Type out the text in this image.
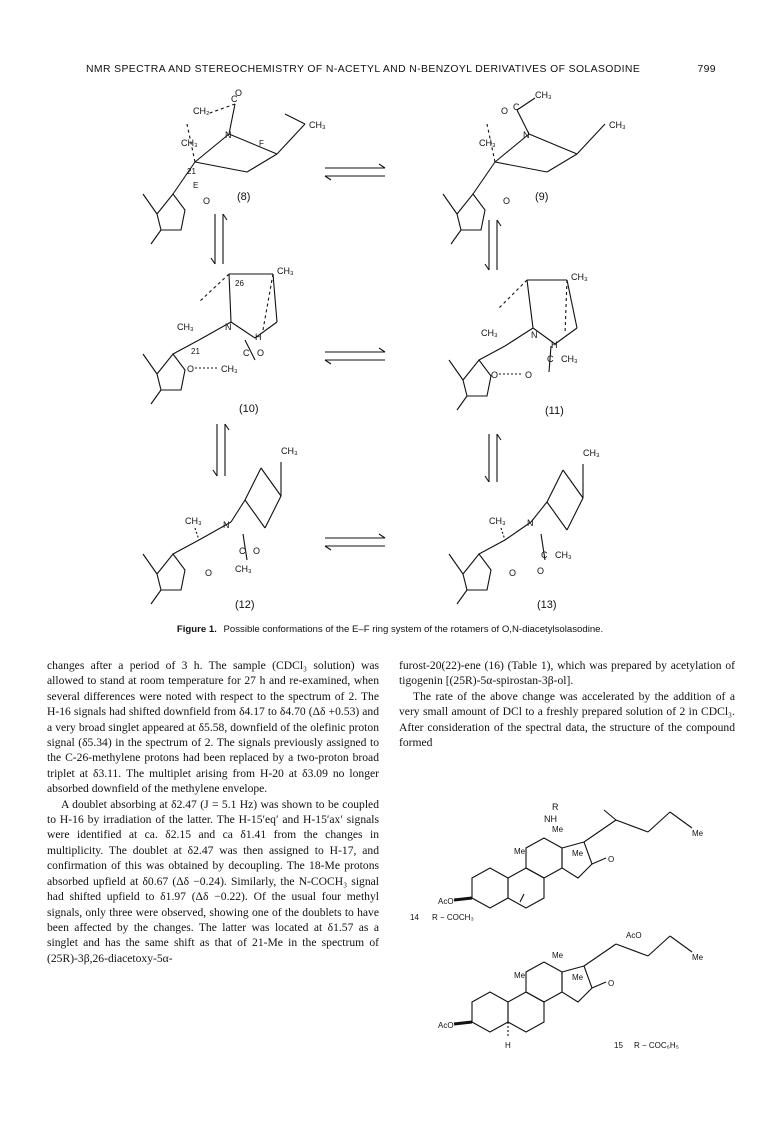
NMR SPECTRA AND STEREOCHEMISTRY OF N-ACETYL AND N-BENZOYL DERIVATIVES OF SOLASODINE	799
CH₂
C
O
N
CH₃
CH₃	F
E
21
O (8)
O C
CH₃
N
CH₃
CH₃
O (9)
CH₃	N
CH₃
26
21
H
C O
O	CH₃
(10)
CH₃	N
CH₃
H
C CH₃
O	O
(11)
CH₃ N
CH₃
C O
CH₃
O
(12)
CH₃ N
CH₃
C CH₃
O
O
(13)
Figure 1. Possible conformations of the E–F ring system of the rotamers of O,N-diacetylsolasodine.

changes after a period of 3 h. The sample (CDCl₃ solution) was allowed to stand at room temperature for 27 h and re-examined, when several differences were noted with respect to the spectrum of 2. The H-16 signals had shifted downfield from δ4.17 to δ4.70 (Δδ +0.53) and a very broad singlet appeared at δ5.58, downfield of the olefinic proton signal (δ5.34) in the spectrum of 2. The signals previously assigned to the C-26-methylene protons had been replaced by a two-proton broad triplet at δ3.11. The multiplet arising from H-20 at δ3.09 no longer absorbed downfield of the methylene envelope.

A doublet absorbing at δ2.47 (J = 5.1 Hz) was shown to be coupled to H-16 by irradiation of the latter. The H-15′eq′ and H-15′ax′ signals were identified at ca. δ2.15 and ca δ1.41 from the changes in multiplicity. The doublet at δ2.47 was then assigned to H-17, and confirmation of this was obtained by decoupling. The 18-Me protons absorbed upfield at δ0.67 (Δδ −0.24). Similarly, the N-COCH₃ signal had shifted upfield to δ1.97 (Δδ −0.22). Of the usual four methyl signals, only three were observed, showing one of the doublets to have been affected by the changes. The latter was located at δ1.57 as a singlet and has the same shift as that of 21-Me in the spectrum of (25R)-3β,26-diacetoxy-5α-

furost-20(22)-ene (16) (Table 1), which was prepared by acetylation of tigogenin [(25R)-5α-spirostan-3β-ol].

The rate of the above change was accelerated by the addition of a very small amount of DCl to a freshly prepared solution of 2 in CDCl₃. After consideration of the spectral data, the structure of the compound formed

R
NH
Me
Me
O
Me
Me
AcO
14 R − COCH₃
AcO
Me
Me
O
Me
Me
AcO
H	15 R − COC₆H₅
